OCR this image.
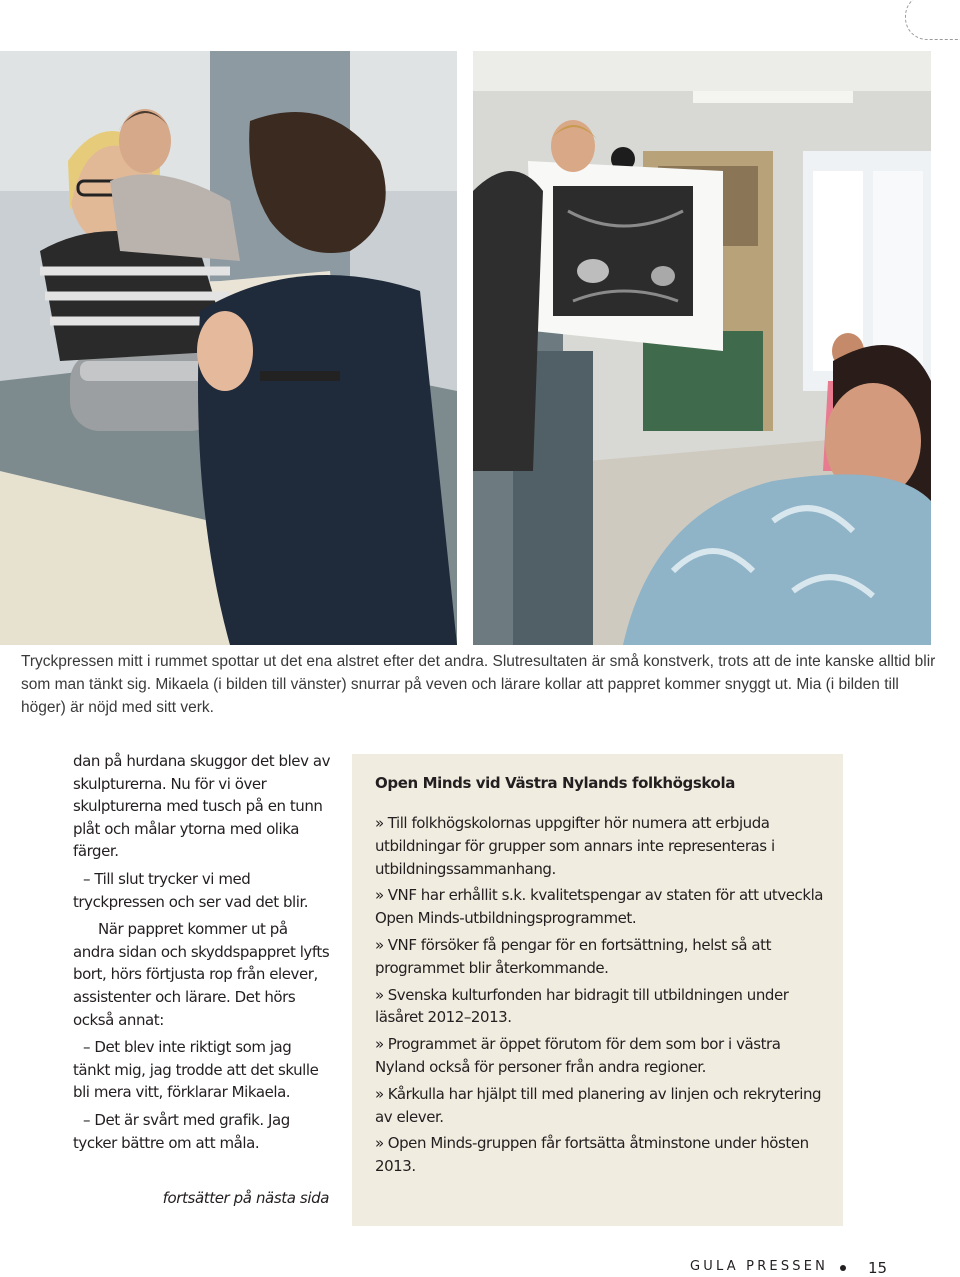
Tryckpressen mitt i rummet spottar ut det ena alstret efter det andra. Slutresultaten är små konstverk, trots att de inte kanske alltid blir som man tänkt sig. Mikaela (i bilden till vänster) snurrar på veven och lärare kollar att pappret kommer snyggt ut. Mia (i bilden till höger) är nöjd med sitt verk.

dan på hurdana skuggor det blev av skulpturerna. Nu för vi över skulpturerna med tusch på en tunn plåt och målar ytorna med olika färger.

– Till slut trycker vi med tryckpressen och ser vad det blir.

När pappret kommer ut på andra sidan och skyddspappret lyfts bort, hörs förtjusta rop från elever, assistenter och lärare. Det hörs också annat:

– Det blev inte riktigt som jag tänkt mig, jag trodde att det skulle bli mera vitt, förklarar Mikaela.

– Det är svårt med grafik. Jag tycker bättre om att måla.

fortsätter på nästa sida
Open Minds vid Västra Nylands folkhögskola
» Till folkhögskolornas uppgifter hör numera att erbjuda utbildningar för grupper som annars inte representeras i utbildningssammanhang.
» VNF har erhållit s.k. kvalitetspengar av staten för att utveckla Open Minds-utbildningsprogrammet.
» VNF försöker få pengar för en fortsättning, helst så att programmet blir återkommande.
» Svenska kulturfonden har bidragit till utbildningen under läsåret 2012–2013.
» Programmet är öppet förutom för dem som bor i västra Nyland också för personer från andra regioner.
» Kårkulla har hjälpt till med planering av linjen och rekrytering av elever.
» Open Minds-gruppen får fortsätta åtminstone under hösten 2013.
GULA PRESSEN	15
